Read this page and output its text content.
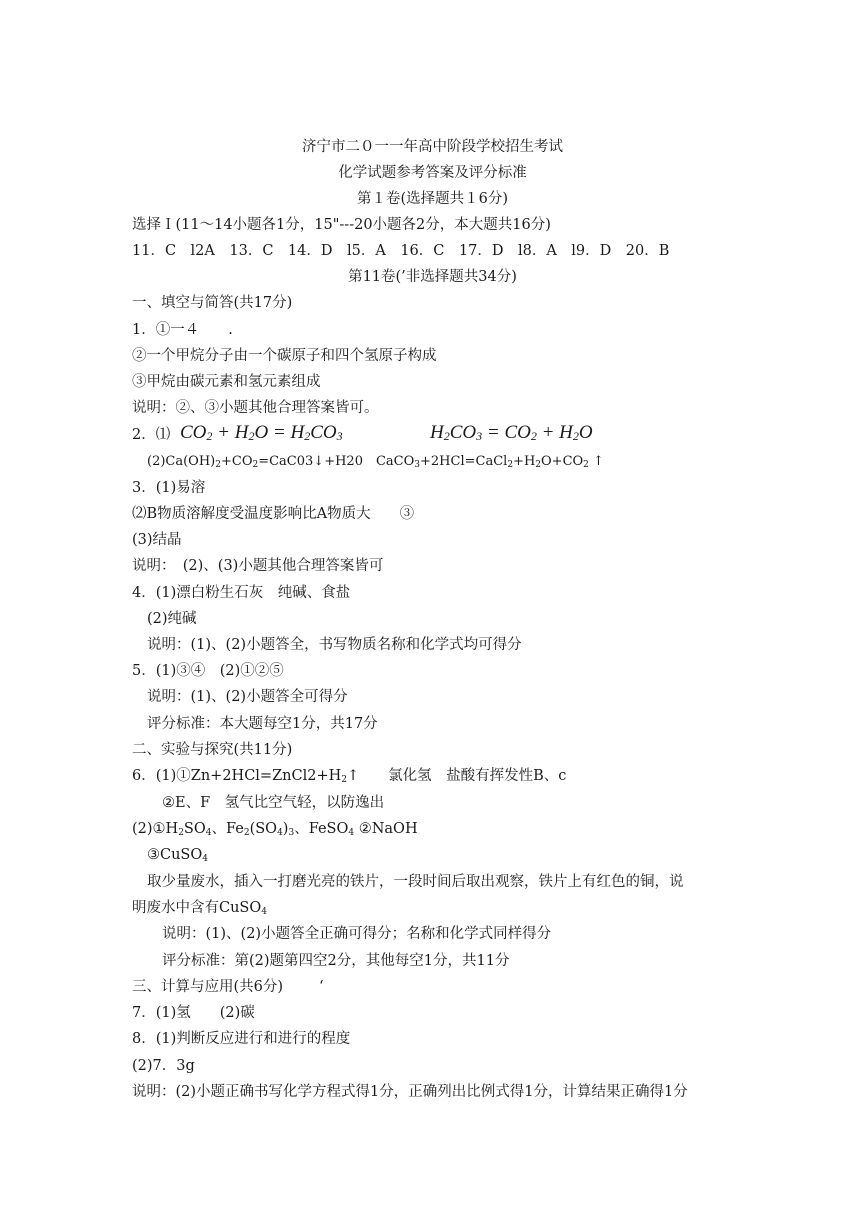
济宁市二０一一年高中阶段学校招生考试
化学试题参考答案及评分标准
第１卷(选择题共１6分)
选择Ｉ(11～14小题各1分，15"---20小题各2分，本大题共16分)
11．C　l2A　13．C　14．D　l5．A　16．C　17．D　l8．A　l9．D　20．B
第11卷(’非选择题共34分)
一、填空与简答(共17分)
1．①一４　　.
②一个甲烷分子由一个碳原子和四个氢原子构成
③甲烷由碳元素和氢元素组成
说明：②、③小题其他合理答案皆可。
2．⑴ $CO_2 + H_2O = H_2CO_3$	$H_2CO_3 = CO_2 + H_2O$
$(2)Ca(OH)_2+CO_2=CaC03↓+H20$　$CaCO_3+2HCl=CaCl_2+H_2O+CO_2$ ↑
3．(1)易溶
⑵B物质溶解度受温度影响比A物质大　　③
(3)结晶
说明：　(2)、(3)小题其他合理答案皆可
4．(1)漂白粉生石灰　纯碱、食盐
(2)纯碱
说明：(1)、(2)小题答全，书写物质名称和化学式均可得分
5．(1)③④　(2)①②⑤
说明：(1)、(2)小题答全可得分
评分标准：本大题每空1分，共17分
二、实验与探究(共11分)
6．$(1)①Zn+2HCl=ZnCl2+H_2↑$　　氯化氢　盐酸有挥发性B、c
②E、F　氢气比空气轻，以防逸出
$(2)①H_2SO_4$、$Fe_2(SO_4)_3$、FeSO$_4$ ②NaOH
③CuSO$_4$
取少量废水，插入一打磨光亮的铁片，一段时间后取出观察，铁片上有红色的铜，说
明废水中含有CuSO$_4$
说明：(1)、(2)小题答全正确可得分；名称和化学式同样得分
评分标准：第(2)题第四空2分，其他每空1分，共11分
三、计算与应用(共6分) ‘
7．(1)氢　　(2)碳
8．(1)判断反应进行和进行的程度
(2)7．3g
说明：(2)小题正确书写化学方程式得1分，正确列出比例式得1分，计算结果正确得1分
